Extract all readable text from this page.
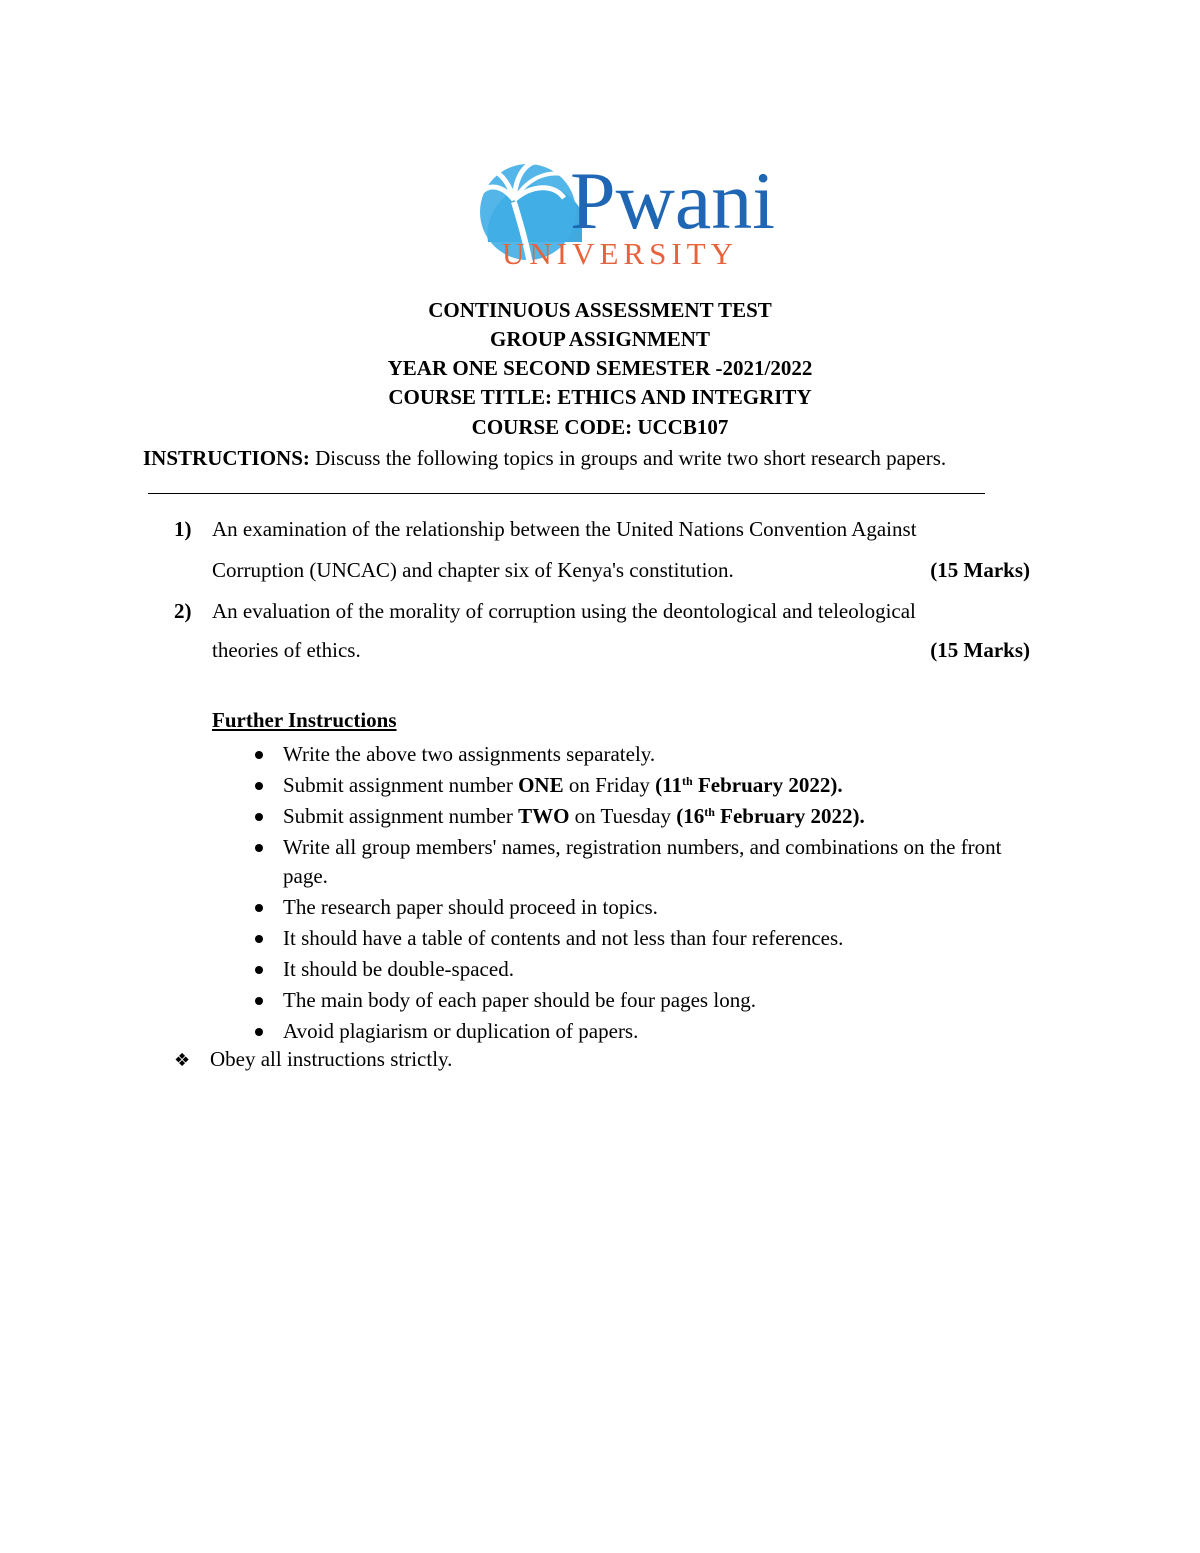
Pwani
UNIVERSITY
CONTINUOUS ASSESSMENT TEST
GROUP ASSIGNMENT
YEAR ONE SECOND SEMESTER -2021/2022
COURSE TITLE: ETHICS AND INTEGRITY
COURSE CODE: UCCB107
INSTRUCTIONS: Discuss the following topics in groups and write two short research papers.
1) An examination of the relationship between the United Nations Convention Against
Corruption (UNCAC) and chapter six of Kenya's constitution.	(15 Marks)
2) An evaluation of the morality of corruption using the deontological and teleological
theories of ethics.	(15 Marks)
Further Instructions
Write the above two assignments separately.
Submit assignment number ONE on Friday (11th February 2022).
Submit assignment number TWO on Tuesday (16th February 2022).
Write all group members' names, registration numbers, and combinations on the front page.
The research paper should proceed in topics.
It should have a table of contents and not less than four references.
It should be double-spaced.
The main body of each paper should be four pages long.
Avoid plagiarism or duplication of papers.
❖ Obey all instructions strictly.
